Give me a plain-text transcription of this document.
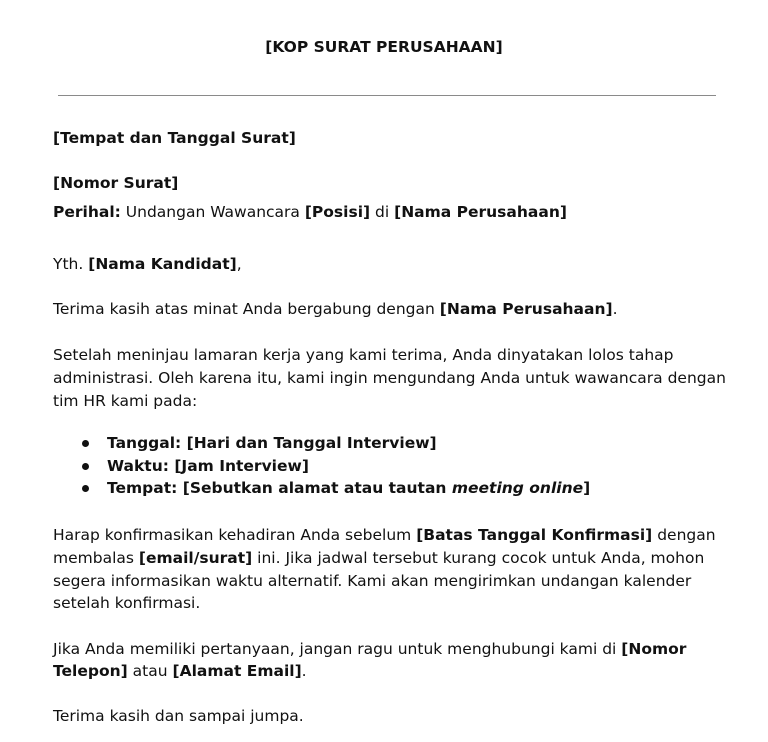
[KOP SURAT PERUSAHAAN]
[Tempat dan Tanggal Surat]
[Nomor Surat]
Perihal: Undangan Wawancara [Posisi] di [Nama Perusahaan]
Yth. [Nama Kandidat],
Terima kasih atas minat Anda bergabung dengan [Nama Perusahaan].
Setelah meninjau lamaran kerja yang kami terima, Anda dinyatakan lolos tahap
administrasi. Oleh karena itu, kami ingin mengundang Anda untuk wawancara dengan
tim HR kami pada:
Tanggal: [Hari dan Tanggal Interview]
Waktu: [Jam Interview]
Tempat: [Sebutkan alamat atau tautan meeting online]
Harap konfirmasikan kehadiran Anda sebelum [Batas Tanggal Konfirmasi] dengan
membalas [email/surat] ini. Jika jadwal tersebut kurang cocok untuk Anda, mohon
segera informasikan waktu alternatif. Kami akan mengirimkan undangan kalender
setelah konfirmasi.
Jika Anda memiliki pertanyaan, jangan ragu untuk menghubungi kami di [Nomor
Telepon] atau [Alamat Email].
Terima kasih dan sampai jumpa.
